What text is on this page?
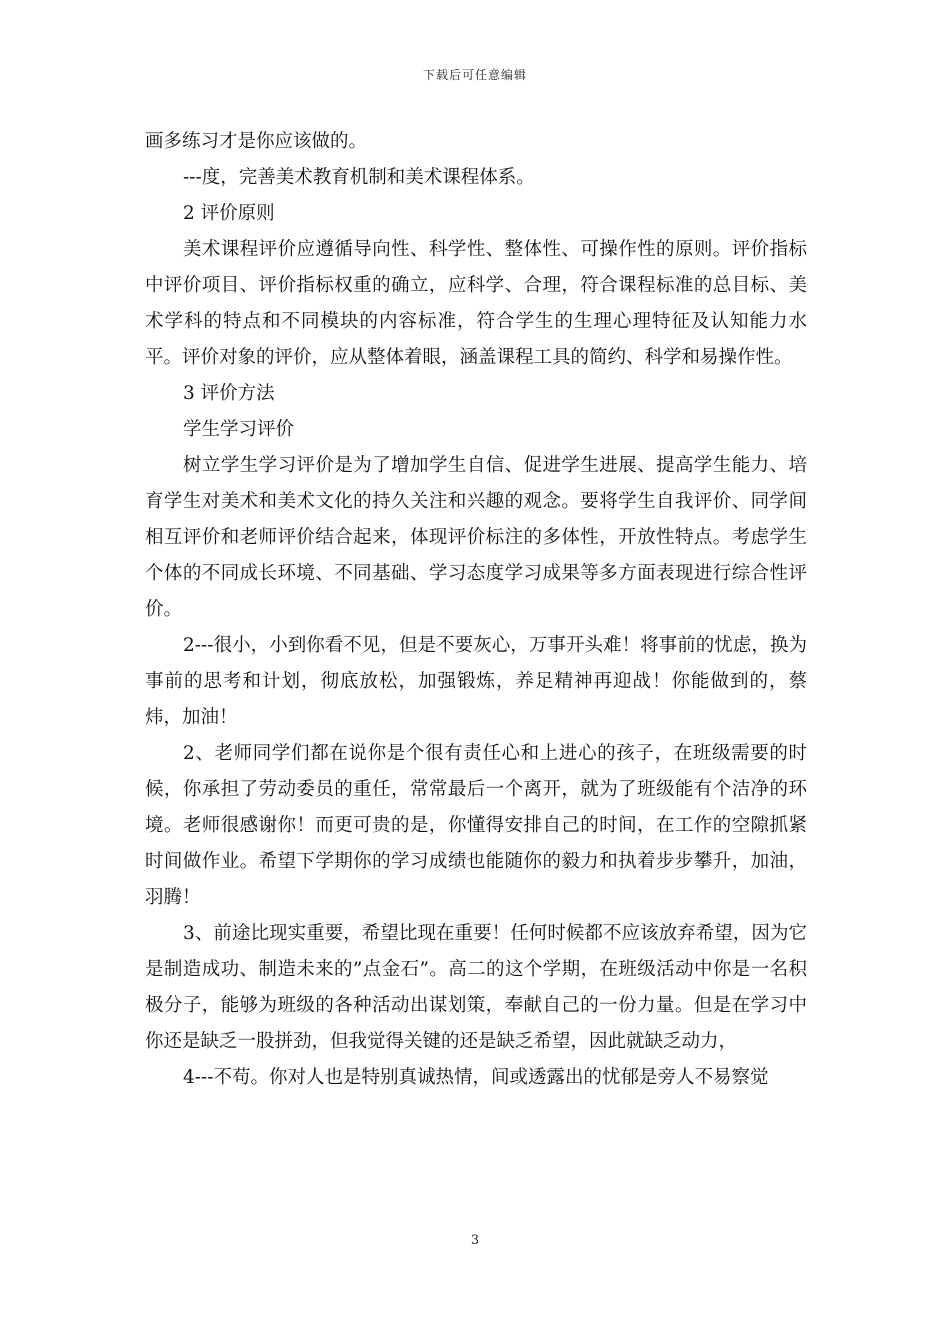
下载后可任意编辑

画多练习才是你应该做的。

---度，完善美术教育机制和美术课程体系。

2 评价原则

美术课程评价应遵循导向性、科学性、整体性、可操作性的原则。评价指标中评价项目、评价指标权重的确立，应科学、合理，符合课程标准的总目标、美术学科的特点和不同模块的内容标准，符合学生的生理心理特征及认知能力水平。评价对象的评价，应从整体着眼，涵盖课程工具的简约、科学和易操作性。

3 评价方法

学生学习评价

树立学生学习评价是为了增加学生自信、促进学生进展、提高学生能力、培育学生对美术和美术文化的持久关注和兴趣的观念。要将学生自我评价、同学间相互评价和老师评价结合起来，体现评价标注的多体性，开放性特点。考虑学生个体的不同成长环境、不同基础、学习态度学习成果等多方面表现进行综合性评价。

2---很小，小到你看不见，但是不要灰心，万事开头难！将事前的忧虑，换为事前的思考和计划，彻底放松，加强锻炼，养足精神再迎战！你能做到的，蔡炜，加油！

2、老师同学们都在说你是个很有责任心和上进心的孩子，在班级需要的时候，你承担了劳动委员的重任，常常最后一个离开，就为了班级能有个洁净的环境。老师很感谢你！而更可贵的是，你懂得安排自己的时间，在工作的空隙抓紧时间做作业。希望下学期你的学习成绩也能随你的毅力和执着步步攀升，加油，羽腾！

3、前途比现实重要，希望比现在重要！任何时候都不应该放弃希望，因为它是制造成功、制造未来的”点金石”。高二的这个学期，在班级活动中你是一名积极分子，能够为班级的各种活动出谋划策，奉献自己的一份力量。但是在学习中你还是缺乏一股拼劲，但我觉得关键的还是缺乏希望，因此就缺乏动力，

4---不苟。你对人也是特别真诚热情，间或透露出的忧郁是旁人不易察觉

3
